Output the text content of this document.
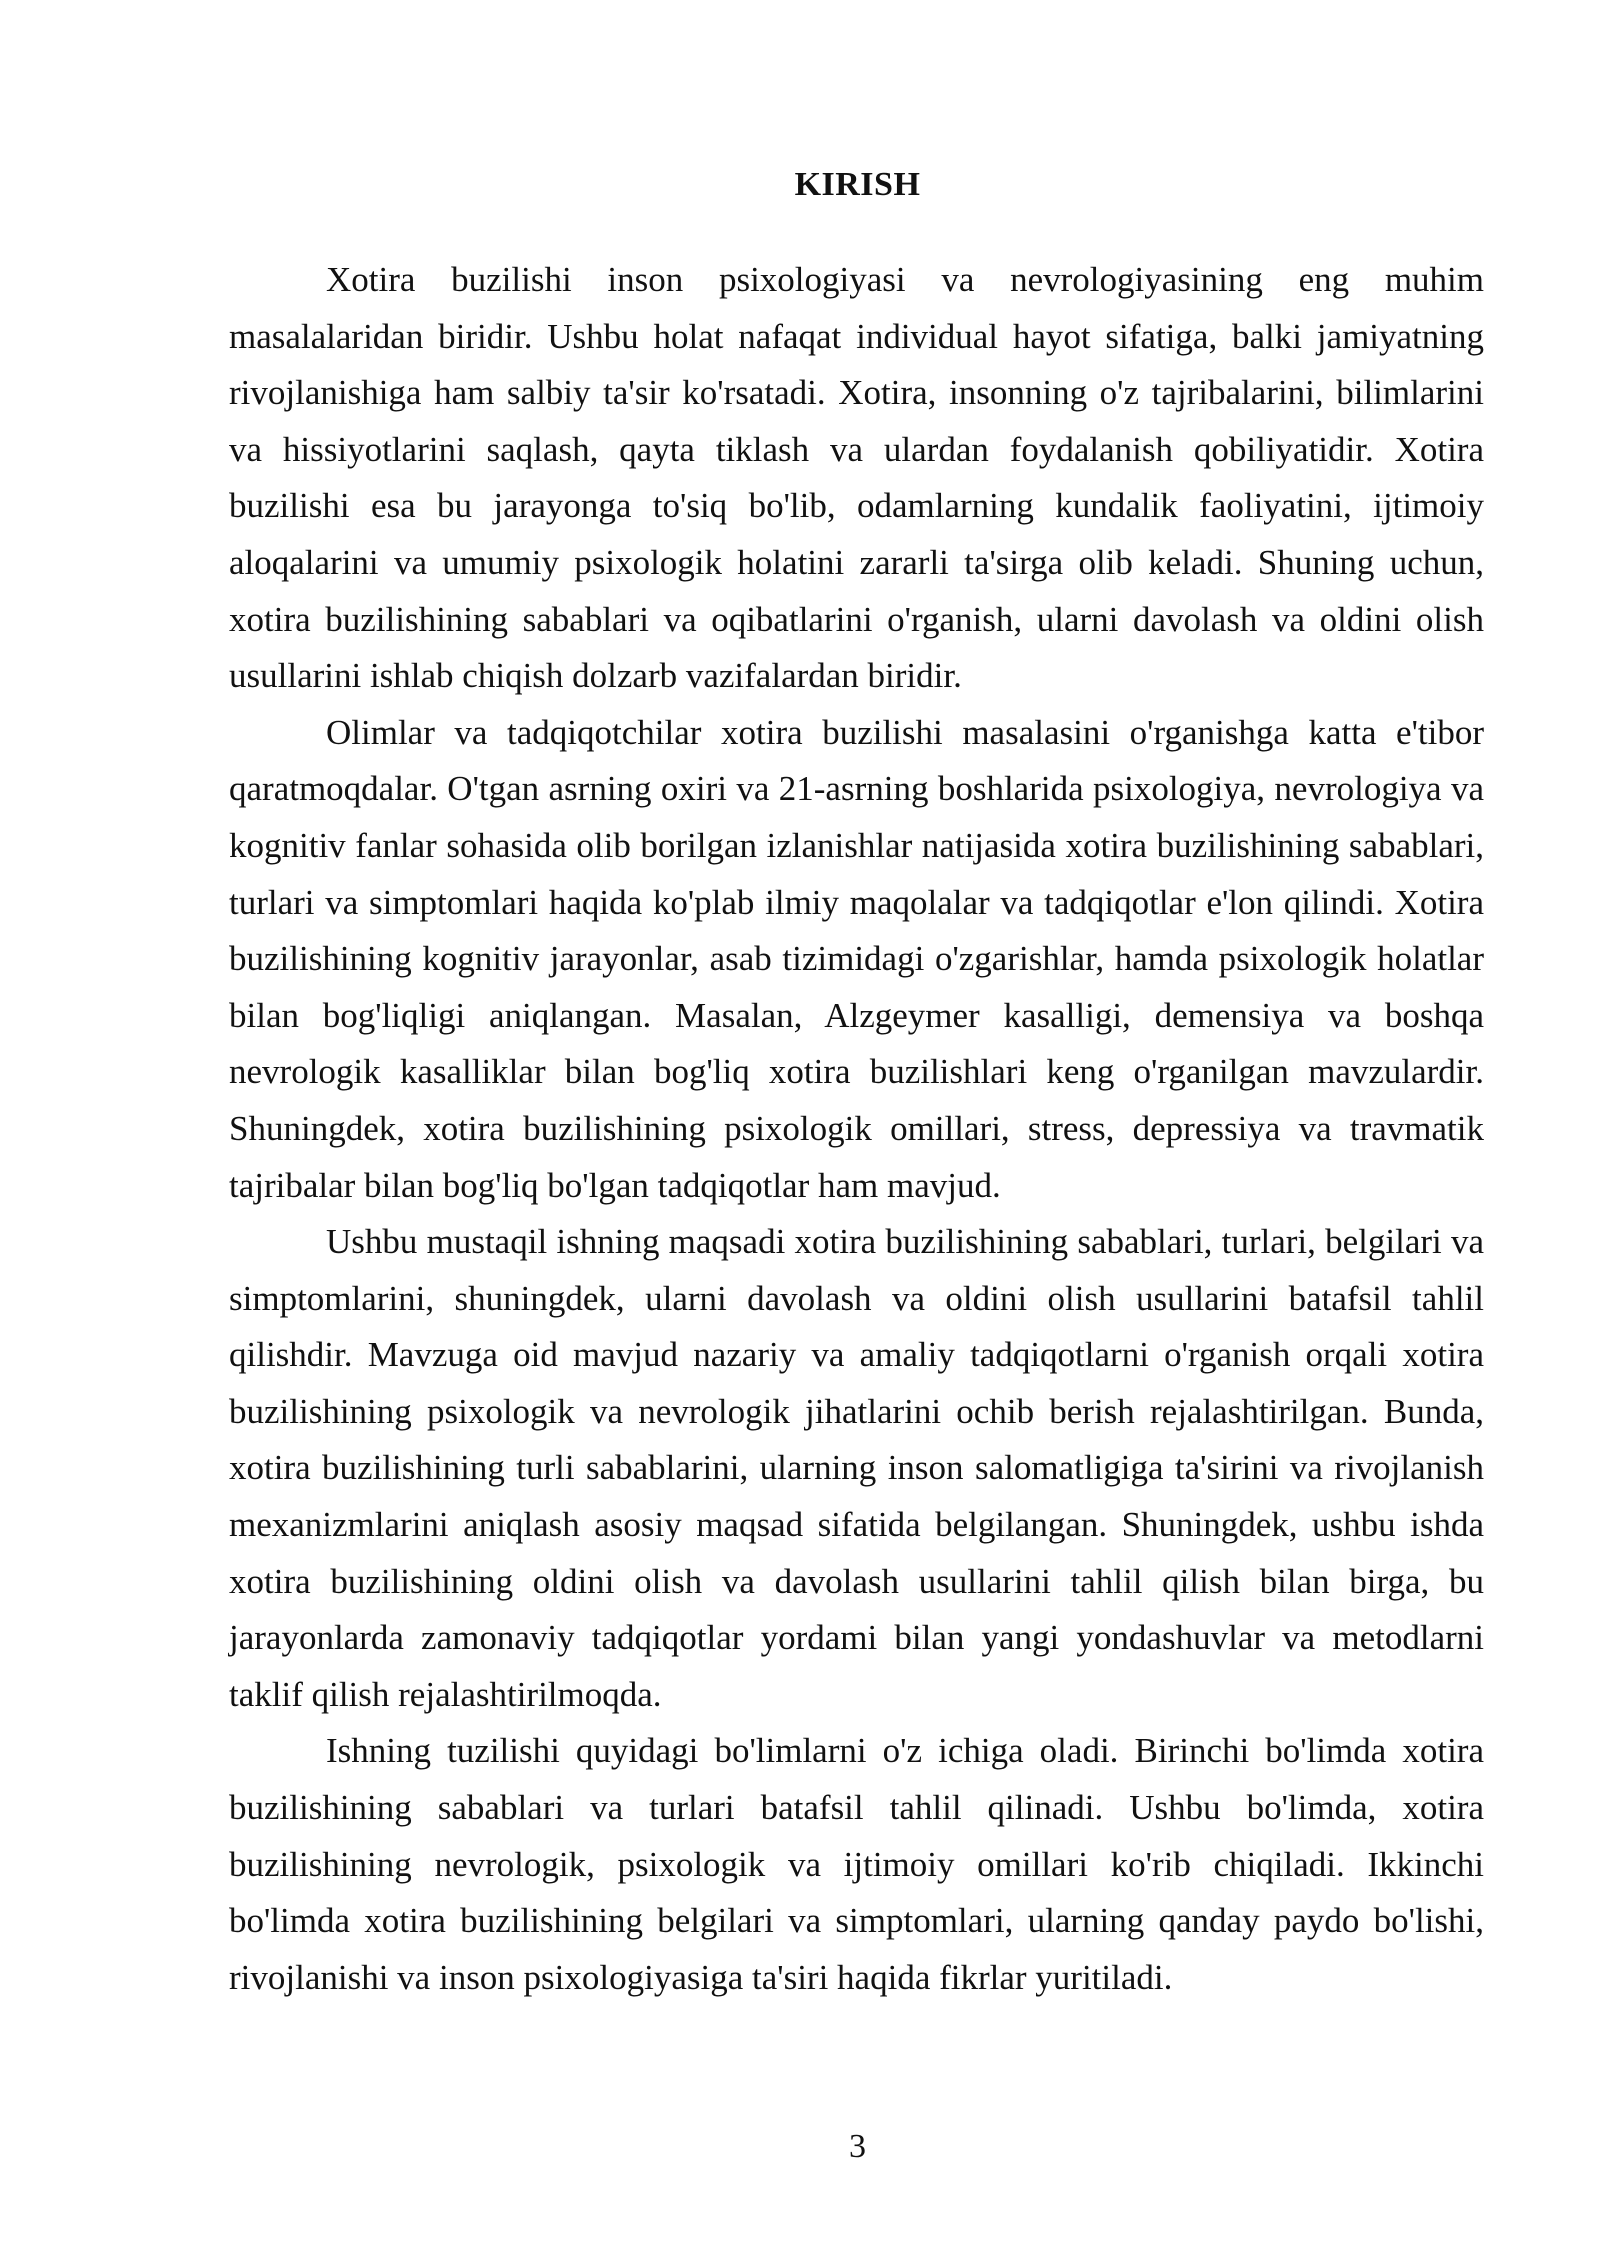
KIRISH

Xotira buzilishi inson psixologiyasi va nevrologiyasining eng muhim masalalaridan biridir. Ushbu holat nafaqat individual hayot sifatiga, balki jamiyatning rivojlanishiga ham salbiy ta'sir ko'rsatadi. Xotira, insonning o'z tajribalarini, bilimlarini va hissiyotlarini saqlash, qayta tiklash va ulardan foydalanish qobiliyatidir. Xotira buzilishi esa bu jarayonga to'siq bo'lib, odamlarning kundalik faoliyatini, ijtimoiy aloqalarini va umumiy psixologik holatini zararli ta'sirga olib keladi. Shuning uchun, xotira buzilishining sabablari va oqibatlarini o'rganish, ularni davolash va oldini olish usullarini ishlab chiqish dolzarb vazifalardan biridir.

Olimlar va tadqiqotchilar xotira buzilishi masalasini o'rganishga katta e'tibor qaratmoqdalar. O'tgan asrning oxiri va 21-asrning boshlarida psixologiya, nevrologiya va kognitiv fanlar sohasida olib borilgan izlanishlar natijasida xotira buzilishining sabablari, turlari va simptomlari haqida ko'plab ilmiy maqolalar va tadqiqotlar e'lon qilindi. Xotira buzilishining kognitiv jarayonlar, asab tizimidagi o'zgarishlar, hamda psixologik holatlar bilan bog'liqligi aniqlangan. Masalan, Alzgeymer kasalligi, demensiya va boshqa nevrologik kasalliklar bilan bog'liq xotira buzilishlari keng o'rganilgan mavzulardir. Shuningdek, xotira buzilishining psixologik omillari, stress, depressiya va travmatik tajribalar bilan bog'liq bo'lgan tadqiqotlar ham mavjud.

Ushbu mustaqil ishning maqsadi xotira buzilishining sabablari, turlari, belgilari va simptomlarini, shuningdek, ularni davolash va oldini olish usullarini batafsil tahlil qilishdir. Mavzuga oid mavjud nazariy va amaliy tadqiqotlarni o'rganish orqali xotira buzilishining psixologik va nevrologik jihatlarini ochib berish rejalashtirilgan. Bunda, xotira buzilishining turli sabablarini, ularning inson salomatligiga ta'sirini va rivojlanish mexanizmlarini aniqlash asosiy maqsad sifatida belgilangan. Shuningdek, ushbu ishda xotira buzilishining oldini olish va davolash usullarini tahlil qilish bilan birga, bu jarayonlarda zamonaviy tadqiqotlar yordami bilan yangi yondashuvlar va metodlarni taklif qilish rejalashtirilmoqda.

Ishning tuzilishi quyidagi bo'limlarni o'z ichiga oladi. Birinchi bo'limda xotira buzilishining sabablari va turlari batafsil tahlil qilinadi. Ushbu bo'limda, xotira buzilishining nevrologik, psixologik va ijtimoiy omillari ko'rib chiqiladi. Ikkinchi bo'limda xotira buzilishining belgilari va simptomlari, ularning qanday paydo bo'lishi, rivojlanishi va inson psixologiyasiga ta'siri haqida fikrlar yuritiladi.

3
